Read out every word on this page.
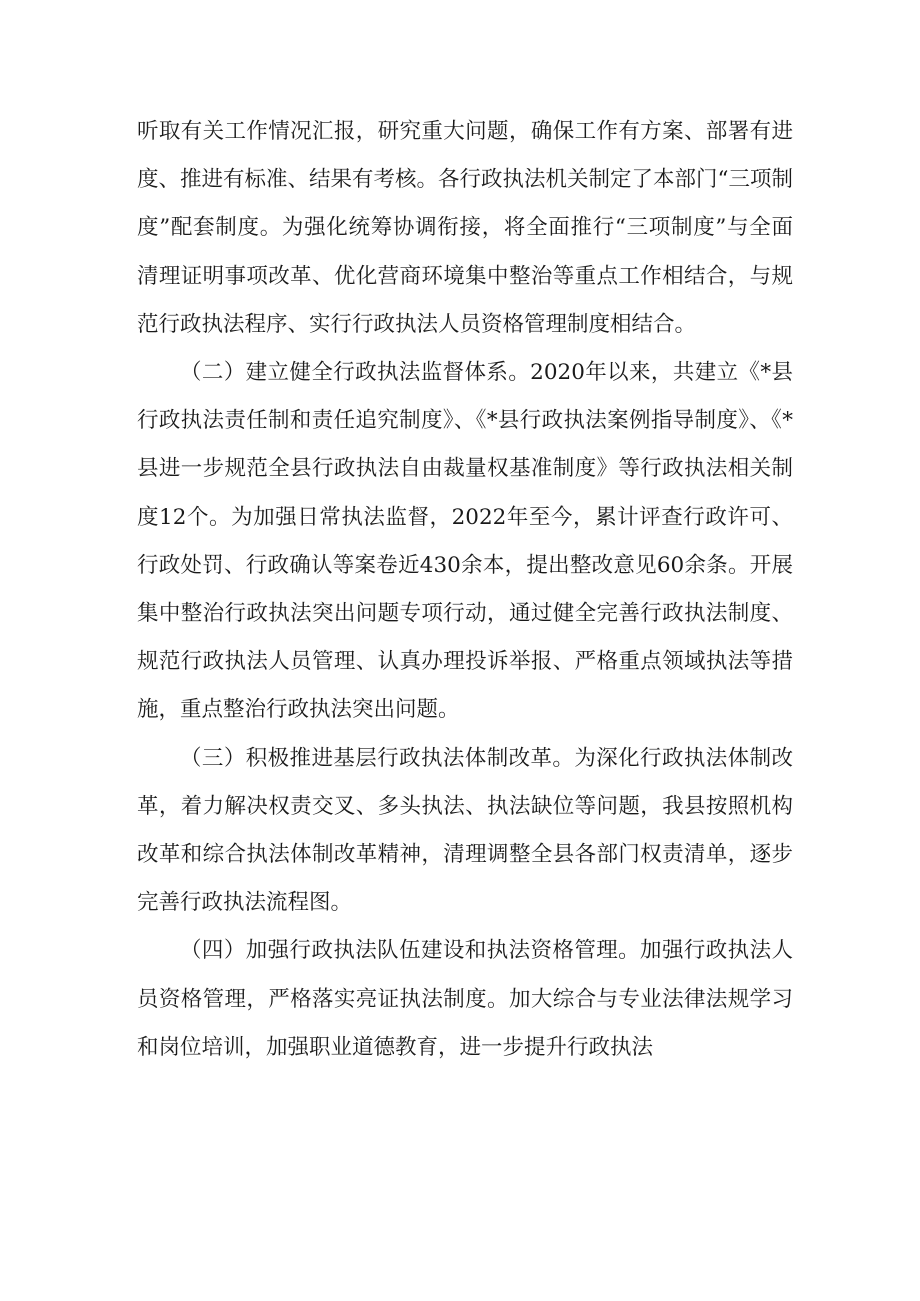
听取有关工作情况汇报，研究重大问题，确保工作有方案、部署有进度、推进有标准、结果有考核。各行政执法机关制定了本部门“三项制度”配套制度。为强化统筹协调衔接，将全面推行“三项制度”与全面清理证明事项改革、优化营商环境集中整治等重点工作相结合，与规范行政执法程序、实行行政执法人员资格管理制度相结合。

（二）建立健全行政执法监督体系。2020年以来，共建立《*县行政执法责任制和责任追究制度》、《*县行政执法案例指导制度》、《*县进一步规范全县行政执法自由裁量权基准制度》等行政执法相关制度12个。为加强日常执法监督，2022年至今，累计评查行政许可、行政处罚、行政确认等案卷近430余本，提出整改意见60余条。开展集中整治行政执法突出问题专项行动，通过健全完善行政执法制度、规范行政执法人员管理、认真办理投诉举报、严格重点领域执法等措施，重点整治行政执法突出问题。

（三）积极推进基层行政执法体制改革。为深化行政执法体制改革，着力解决权责交叉、多头执法、执法缺位等问题，我县按照机构改革和综合执法体制改革精神，清理调整全县各部门权责清单，逐步完善行政执法流程图。

（四）加强行政执法队伍建设和执法资格管理。加强行政执法人员资格管理，严格落实亮证执法制度。加大综合与专业法律法规学习和岗位培训，加强职业道德教育，进一步提升行政执法
